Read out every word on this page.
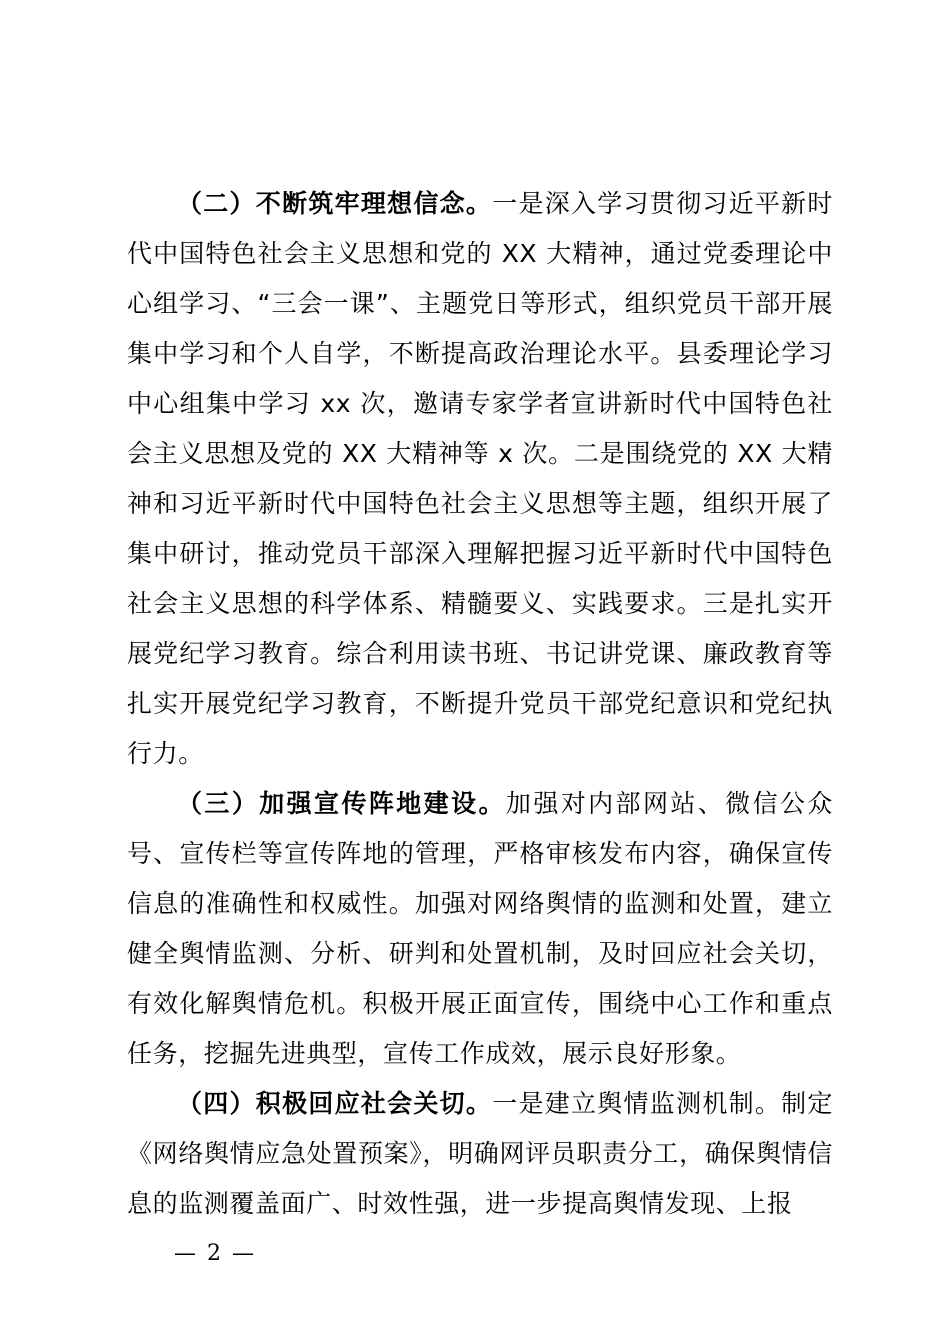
（二）不断筑牢理想信念。一是深入学习贯彻习近平新时代中国特色社会主义思想和党的 XX 大精神，通过党委理论中心组学习、“三会一课”、主题党日等形式，组织党员干部开展集中学习和个人自学，不断提高政治理论水平。县委理论学习中心组集中学习 xx 次，邀请专家学者宣讲新时代中国特色社会主义思想及党的 XX 大精神等 x 次。二是围绕党的 XX 大精神和习近平新时代中国特色社会主义思想等主题，组织开展了集中研讨，推动党员干部深入理解把握习近平新时代中国特色社会主义思想的科学体系、精髓要义、实践要求。三是扎实开展党纪学习教育。综合利用读书班、书记讲党课、廉政教育等扎实开展党纪学习教育，不断提升党员干部党纪意识和党纪执行力。

（三）加强宣传阵地建设。加强对内部网站、微信公众号、宣传栏等宣传阵地的管理，严格审核发布内容，确保宣传信息的准确性和权威性。加强对网络舆情的监测和处置，建立健全舆情监测、分析、研判和处置机制，及时回应社会关切，有效化解舆情危机。积极开展正面宣传，围绕中心工作和重点任务，挖掘先进典型，宣传工作成效，展示良好形象。

（四）积极回应社会关切。一是建立舆情监测机制。制定《网络舆情应急处置预案》，明确网评员职责分工，确保舆情信息的监测覆盖面广、时效性强，进一步提高舆情发现、上报

— 2 —
